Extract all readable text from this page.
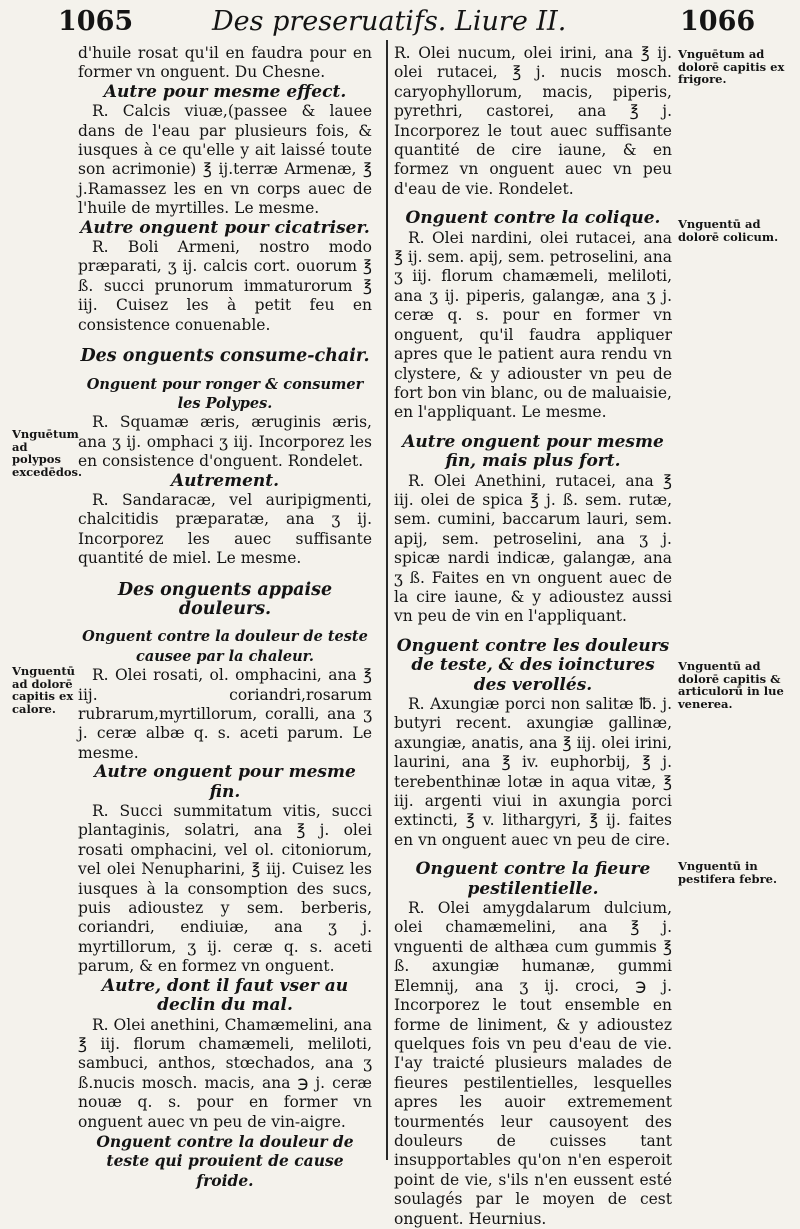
1065	Des preseruatifs. Liure II.	1066
Vnguētum ad polypos excedēdos.
Vnguentū ad dolorē capitis ex calore.
Vnguētum ad dolorē capitis ex frigore.
Vnguentū ad dolorē colicum.
Vnguentū ad dolorē capitis & articulorū in lue venerea.
Vnguentū in pestifera febre.

d'huile rosat qu'il en faudra pour en former vn onguent. Du Chesne.

Autre pour mesme effect.

R. Calcis viuæ,(passee & lauee dans de l'eau par plusieurs fois, & iusques à ce qu'elle y ait laissé toute son acrimonie) ℥ ij.terræ Armenæ, ℥ j.Ramassez les en vn corps auec de l'huile de myrtilles. Le mesme.

Autre onguent pour cicatriser.

R. Boli Armeni, nostro modo præparati, ʒ ij. calcis cort. ouorum ℥ ß. succi prunorum immaturorum ℥ iij. Cuisez les à petit feu en consistence conuenable.

Des onguents consume-chair.
Onguent pour ronger & consumer les Polypes.

R. Squamæ æris, æruginis æris, ana ʒ ij. omphaci ʒ iij. Incorporez les en consistence d'onguent. Rondelet.

Autrement.

R. Sandaracæ, vel auripigmenti, chalcitidis præparatæ, ana ʒ ij. Incorporez les auec suffisante quantité de miel. Le mesme.

Des onguents appaise douleurs.
Onguent contre la douleur de teste causee par la chaleur.

R. Olei rosati, ol. omphacini, ana ℥ iij. coriandri,rosarum rubrarum,myrtillorum, coralli, ana ʒ j. ceræ albæ q. s. aceti parum. Le mesme.

Autre onguent pour mesme fin.

R. Succi summitatum vitis, succi plantaginis, solatri, ana ℥ j. olei rosati omphacini, vel ol. citoniorum, vel olei Nenupharini, ℥ iij. Cuisez les iusques à la consomption des sucs, puis adioustez y sem. berberis, coriandri, endiuiæ, ana ʒ j. myrtillorum, ʒ ij. ceræ q. s. aceti parum, & en formez vn onguent.

Autre, dont il faut vser au declin du mal.

R. Olei anethini, Chamæmelini, ana ℥ iij. florum chamæmeli, meliloti, sambuci, anthos, stœchados, ana ʒ ß.nucis mosch. macis, ana ℈ j. ceræ nouæ q. s. pour en former vn onguent auec vn peu de vin-aigre.

Onguent contre la douleur de teste qui prouient de cause froide.

R. Olei nucum, olei irini, ana ℥ ij. olei rutacei, ℥ j. nucis mosch. caryophyllorum, macis, piperis, pyrethri, castorei, ana ℥ j. Incorporez le tout auec suffisante quantité de cire iaune, & en formez vn onguent auec vn peu d'eau de vie. Rondelet.

Onguent contre la colique.

R. Olei nardini, olei rutacei, ana ℥ ij. sem. apij, sem. petroselini, ana ʒ iij. florum chamæmeli, meliloti, ana ʒ ij. piperis, galangæ, ana ʒ j. ceræ q. s. pour en former vn onguent, qu'il faudra appliquer apres que le patient aura rendu vn clystere, & y adiouster vn peu de fort bon vin blanc, ou de maluaisie, en l'appliquant. Le mesme.

Autre onguent pour mesme fin, mais plus fort.

R. Olei Anethini, rutacei, ana ℥ iij. olei de spica ℥ j. ß. sem. rutæ, sem. cumini, baccarum lauri, sem. apij, sem. petroselini, ana ʒ j. spicæ nardi indicæ, galangæ, ana ʒ ß. Faites en vn onguent auec de la cire iaune, & y adioustez aussi vn peu de vin en l'appliquant.

Onguent contre les douleurs de teste, & des ioinctures des verollés.

R. Axungiæ porci non salitæ ℔. j. butyri recent. axungiæ gallinæ, axungiæ, anatis, ana ℥ iij. olei irini, laurini, ana ℥ iv. euphorbij, ℥ j. terebenthinæ lotæ in aqua vitæ, ℥ iij. argenti viui in axungia porci extincti, ℥ v. lithargyri, ℥ ij. faites en vn onguent auec vn peu de cire.

Onguent contre la fieure pestilentielle.

R. Olei amygdalarum dulcium, olei chamæmelini, ana ℥ j. vnguenti de althæa cum gummis ℥ ß. axungiæ humanæ, gummi Elemnij, ana ʒ ij. croci, ℈ j. Incorporez le tout ensemble en forme de liniment, & y adioustez quelques fois vn peu d'eau de vie. I'ay traicté plusieurs malades de fieures pestilentielles, lesquelles apres les auoir extremement tourmentés leur causoyent des douleurs de cuisses tant insupportables qu'on n'en esperoit point de vie, s'ils n'en eussent esté soulagés par le moyen de cest onguent. Heurnius.
